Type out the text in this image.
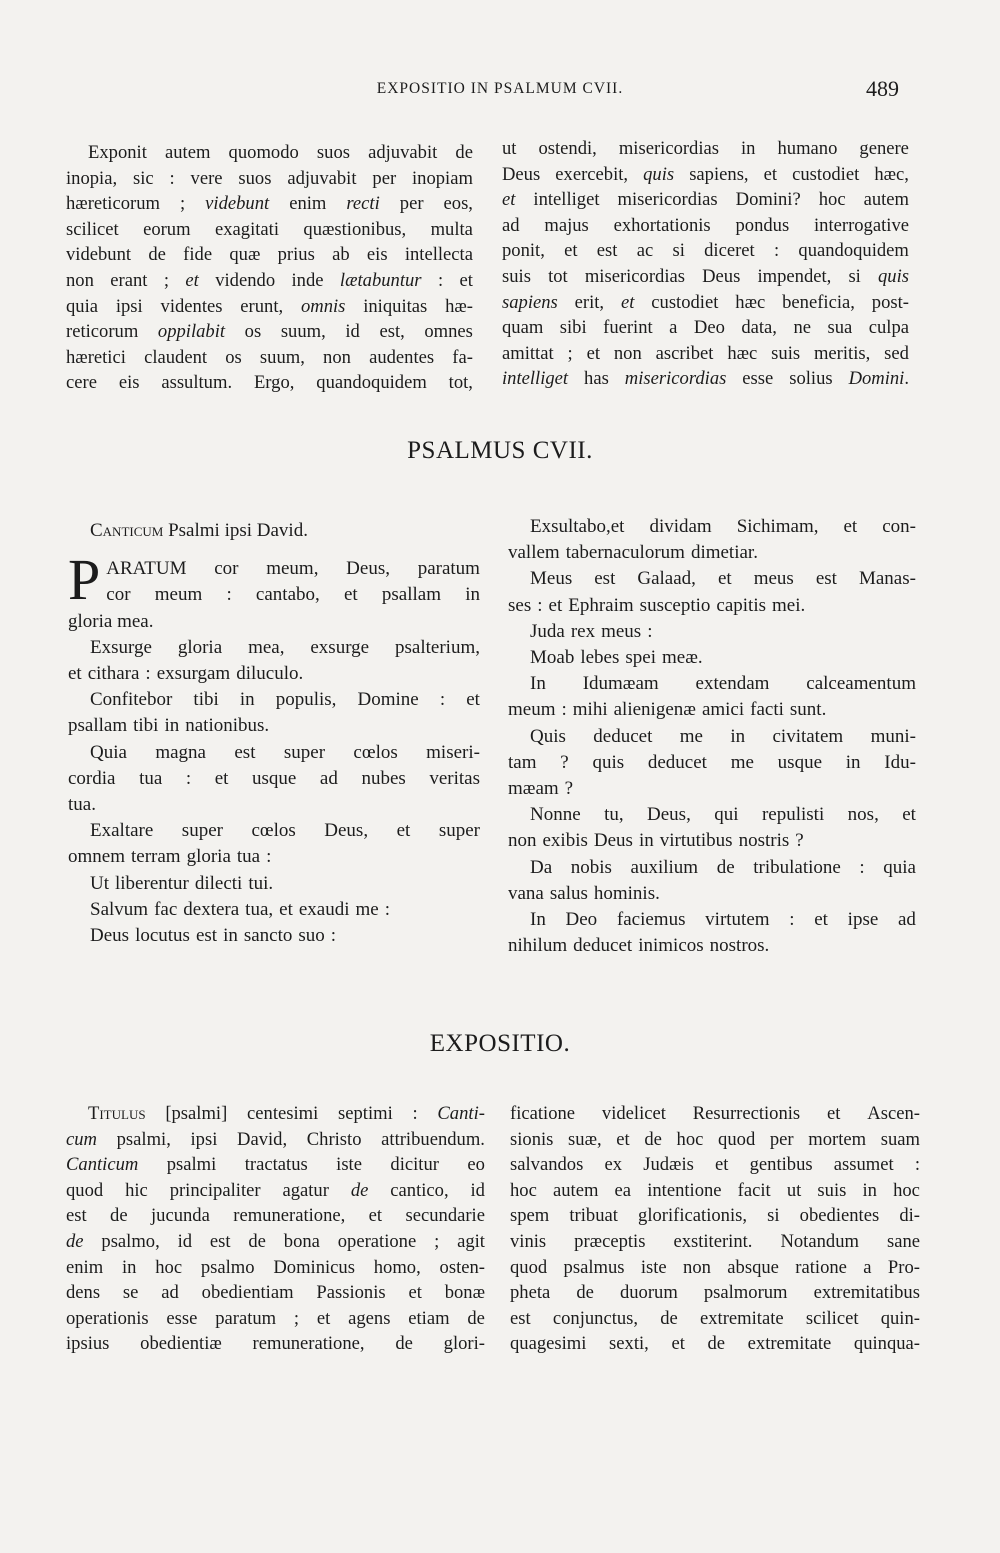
EXPOSITIO IN PSALMUM CVII.	489
Exponit autem quomodo suos adjuvabit de
inopia, sic : vere suos adjuvabit per inopiam
hæreticorum ; videbunt enim recti per eos,
scilicet eorum exagitati quæstionibus, multa
videbunt de fide quæ prius ab eis intellecta
non erant ; et videndo inde lætabuntur : et
quia ipsi videntes erunt, omnis iniquitas hæ-
reticorum oppilabit os suum, id est, omnes
hæretici claudent os suum, non audentes fa-
cere eis assultum. Ergo, quandoquidem tot,
ut ostendi, misericordias in humano genere
Deus exercebit, quis sapiens, et custodiet hæc,
et intelliget misericordias Domini? hoc autem
ad majus exhortationis pondus interrogative
ponit, et est ac si diceret : quandoquidem
suis tot misericordias Deus impendet, si quis
sapiens erit, et custodiet hæc beneficia, post-
quam sibi fuerint a Deo data, ne sua culpa
amittat ; et non ascribet hæc suis meritis, sed
intelliget has misericordias esse solius Domini.
PSALMUS CVII.

Canticum Psalmi ipsi David.

P ARATUM cor meum, Deus, paratum
cor meum : cantabo, et psallam in
gloria mea.
Exsurge gloria mea, exsurge psalterium,
et cithara : exsurgam diluculo.
Confitebor tibi in populis, Domine : et
psallam tibi in nationibus.
Quia magna est super cœlos miseri-
cordia tua : et usque ad nubes veritas
tua.
Exaltare super cœlos Deus, et super
omnem terram gloria tua :
Ut liberentur dilecti tui.
Salvum fac dextera tua, et exaudi me :
Deus locutus est in sancto suo :
Exsultabo,et dividam Sichimam, et con-
vallem tabernaculorum dimetiar.
Meus est Galaad, et meus est Manas-
ses : et Ephraim susceptio capitis mei.
Juda rex meus :
Moab lebes spei meæ.
In Idumæam extendam calceamentum
meum : mihi alienigenæ amici facti sunt.
Quis deducet me in civitatem muni-
tam ? quis deducet me usque in Idu-
mæam ?
Nonne tu, Deus, qui repulisti nos, et
non exibis Deus in virtutibus nostris ?
Da nobis auxilium de tribulatione : quia
vana salus hominis.
In Deo faciemus virtutem : et ipse ad
nihilum deducet inimicos nostros.
EXPOSITIO.
Titulus [psalmi] centesimi septimi : Canti-
cum psalmi, ipsi David, Christo attribuendum.
Canticum psalmi tractatus iste dicitur eo
quod hic principaliter agatur de cantico, id
est de jucunda remuneratione, et secundarie
de psalmo, id est de bona operatione ; agit
enim in hoc psalmo Dominicus homo, osten-
dens se ad obedientiam Passionis et bonæ
operationis esse paratum ; et agens etiam de
ipsius obedientiæ remuneratione, de glori-
ficatione videlicet Resurrectionis et Ascen-
sionis suæ, et de hoc quod per mortem suam
salvandos ex Judæis et gentibus assumet :
hoc autem ea intentione facit ut suis in hoc
spem tribuat glorificationis, si obedientes di-
vinis præceptis exstiterint. Notandum sane
quod psalmus iste non absque ratione a Pro-
pheta de duorum psalmorum extremitatibus
est conjunctus, de extremitate scilicet quin-
quagesimi sexti, et de extremitate quinqua-
